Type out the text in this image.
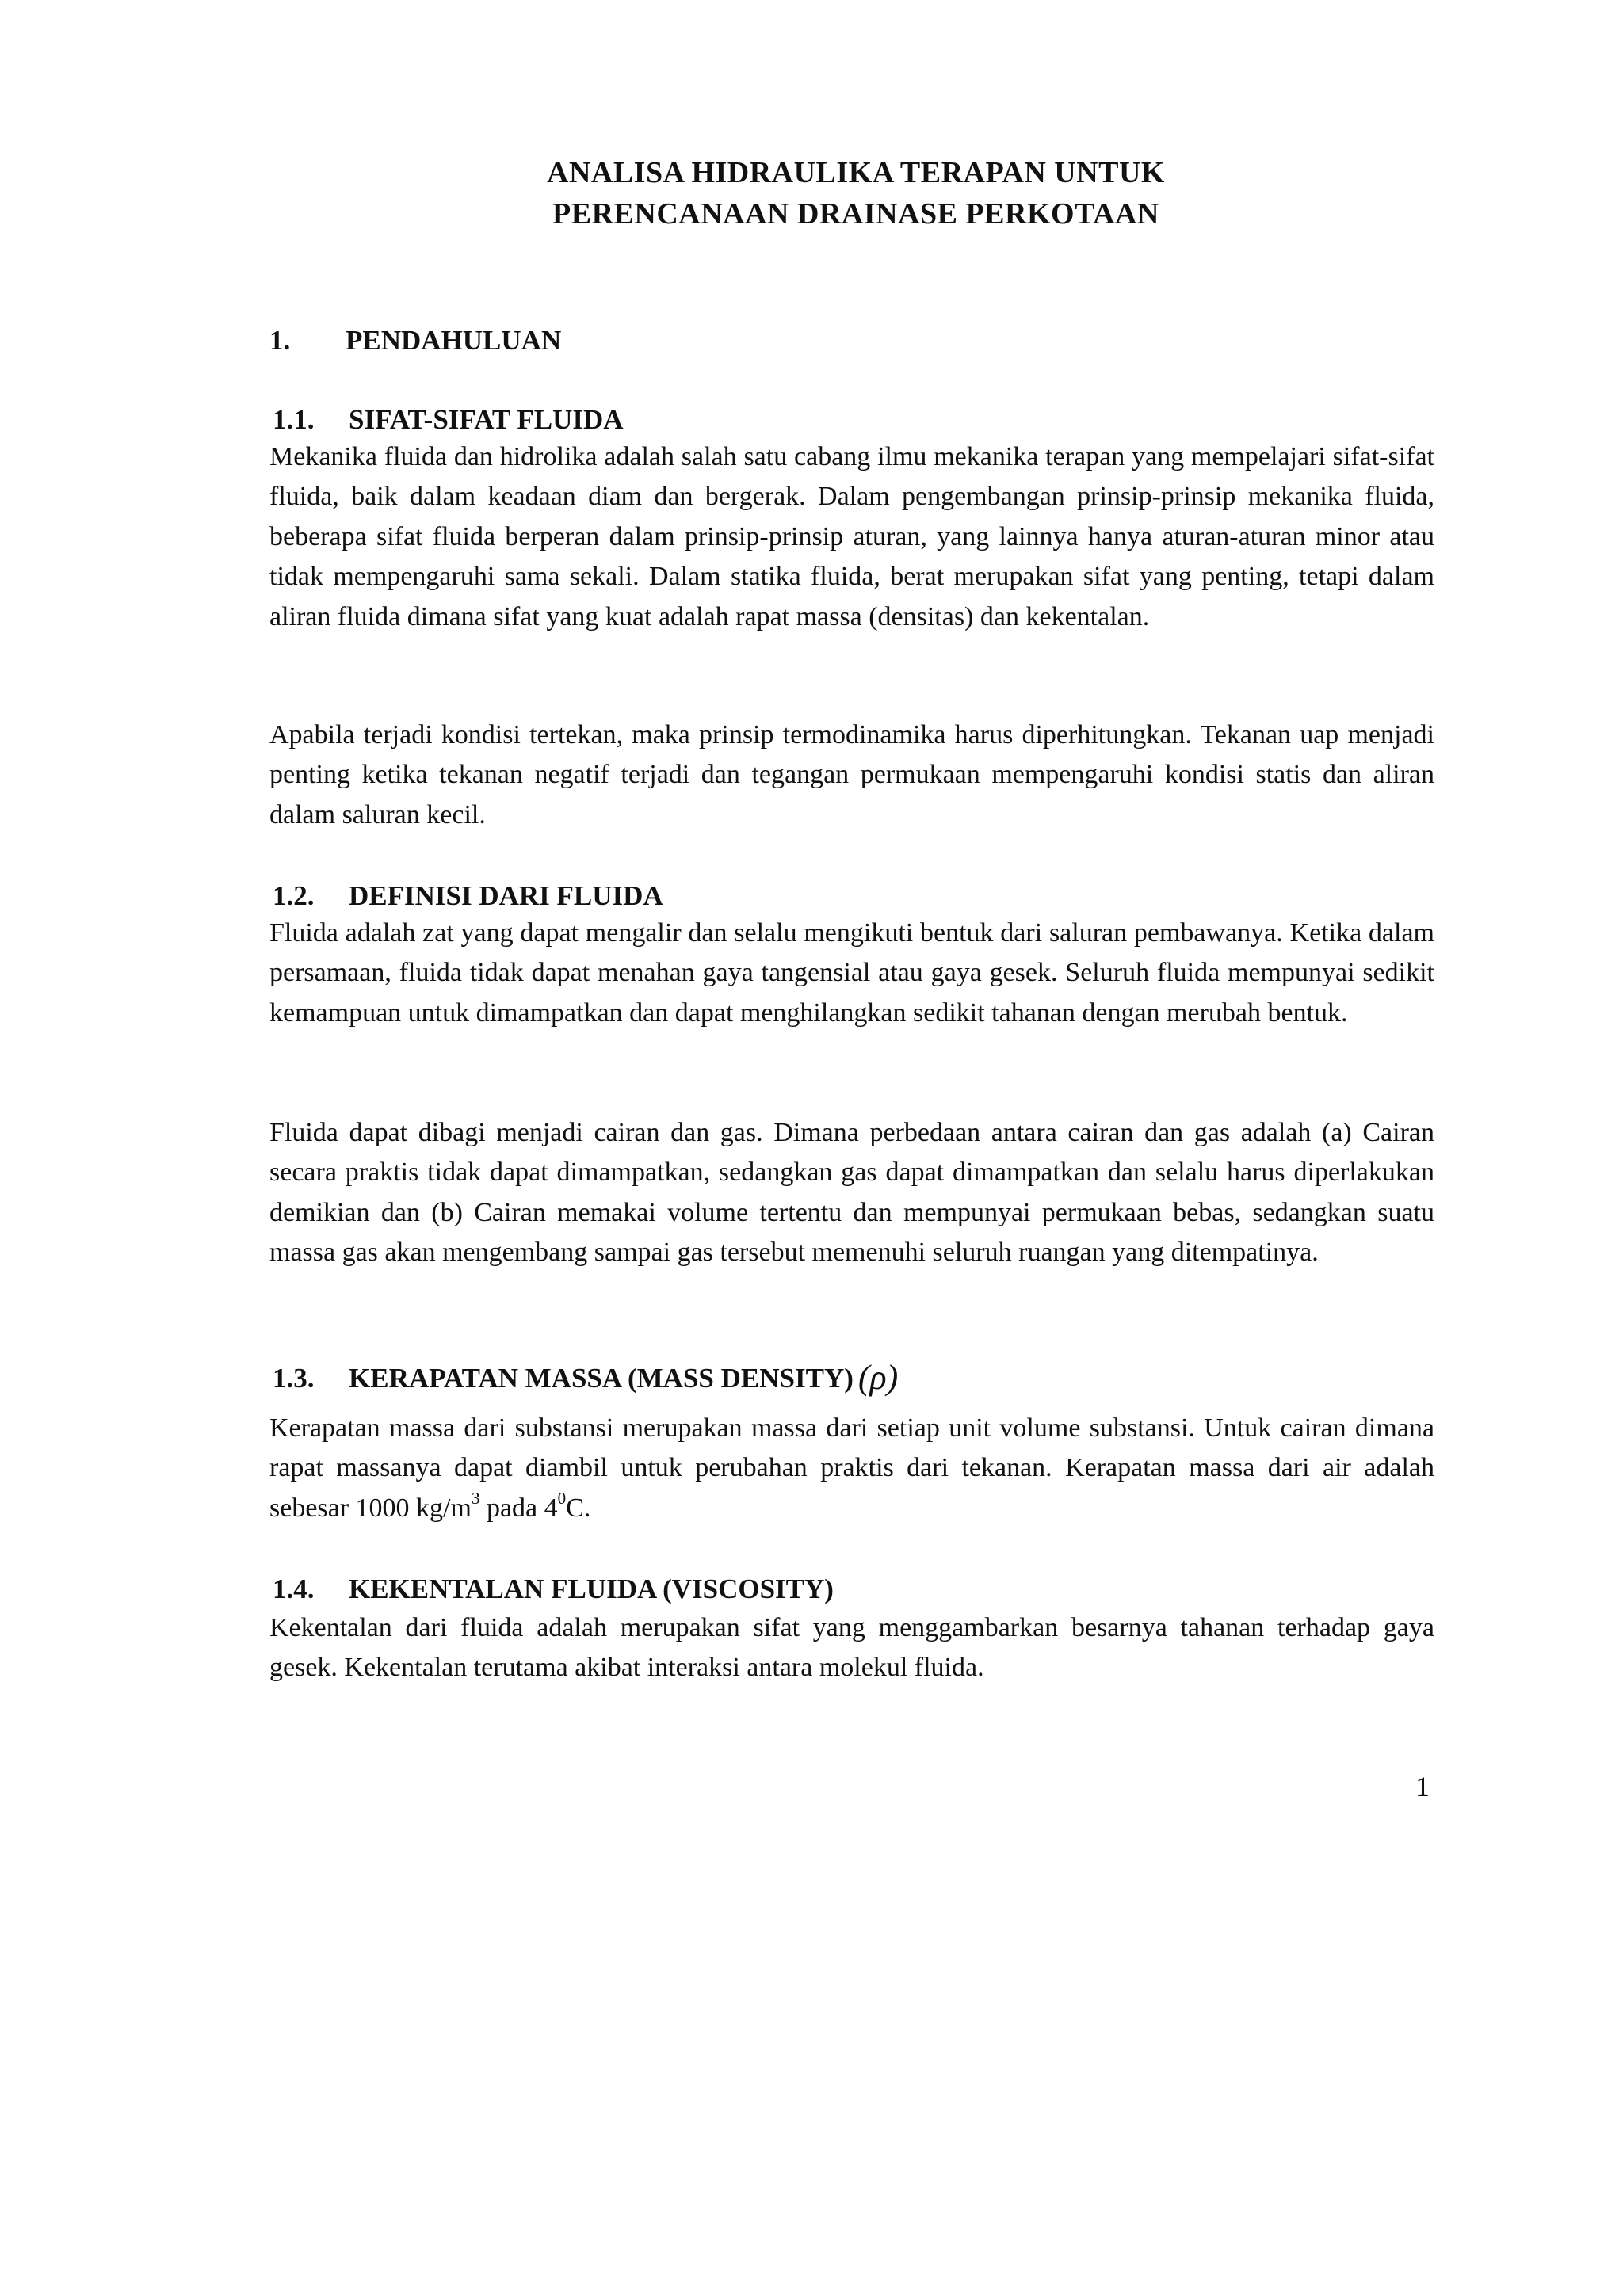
ANALISA HIDRAULIKA TERAPAN UNTUK
PERENCANAAN DRAINASE PERKOTAAN
1. PENDAHULUAN
1.1. SIFAT-SIFAT FLUIDA
Mekanika fluida dan hidrolika adalah salah satu cabang ilmu mekanika terapan yang mempelajari sifat-sifat fluida, baik dalam keadaan diam dan bergerak. Dalam pengembangan prinsip-prinsip mekanika fluida, beberapa sifat fluida berperan dalam prinsip-prinsip aturan, yang lainnya hanya aturan-aturan minor atau tidak mempengaruhi sama sekali. Dalam statika fluida, berat merupakan sifat yang penting, tetapi dalam aliran fluida dimana sifat yang kuat adalah rapat massa (densitas) dan kekentalan.
Apabila terjadi kondisi tertekan, maka prinsip termodinamika harus diperhitungkan. Tekanan uap menjadi penting ketika tekanan negatif terjadi dan tegangan permukaan mempengaruhi kondisi statis dan aliran dalam saluran kecil.
1.2. DEFINISI DARI FLUIDA
Fluida adalah zat yang dapat mengalir dan selalu mengikuti bentuk dari saluran pembawanya. Ketika dalam persamaan, fluida tidak dapat menahan gaya tangensial atau gaya gesek. Seluruh fluida mempunyai sedikit kemampuan untuk dimampatkan dan dapat menghilangkan sedikit tahanan dengan merubah bentuk.
Fluida dapat dibagi menjadi cairan dan gas. Dimana perbedaan antara cairan dan gas adalah (a) Cairan secara praktis tidak dapat dimampatkan, sedangkan gas dapat dimampatkan dan selalu harus diperlakukan demikian dan (b) Cairan memakai volume tertentu dan mempunyai permukaan bebas, sedangkan suatu massa gas akan mengembang sampai gas tersebut memenuhi seluruh ruangan yang ditempatinya.
1.3. KERAPATAN MASSA (MASS DENSITY) (ρ)
Kerapatan massa dari substansi merupakan massa dari setiap unit volume substansi. Untuk cairan dimana rapat massanya dapat diambil untuk perubahan praktis dari tekanan. Kerapatan massa dari air adalah sebesar 1000 $kg/m^3$ pada $4^0C$.
1.4. KEKENTALAN FLUIDA (VISCOSITY)
Kekentalan dari fluida adalah merupakan sifat yang menggambarkan besarnya tahanan terhadap gaya gesek. Kekentalan terutama akibat interaksi antara molekul fluida.
1
